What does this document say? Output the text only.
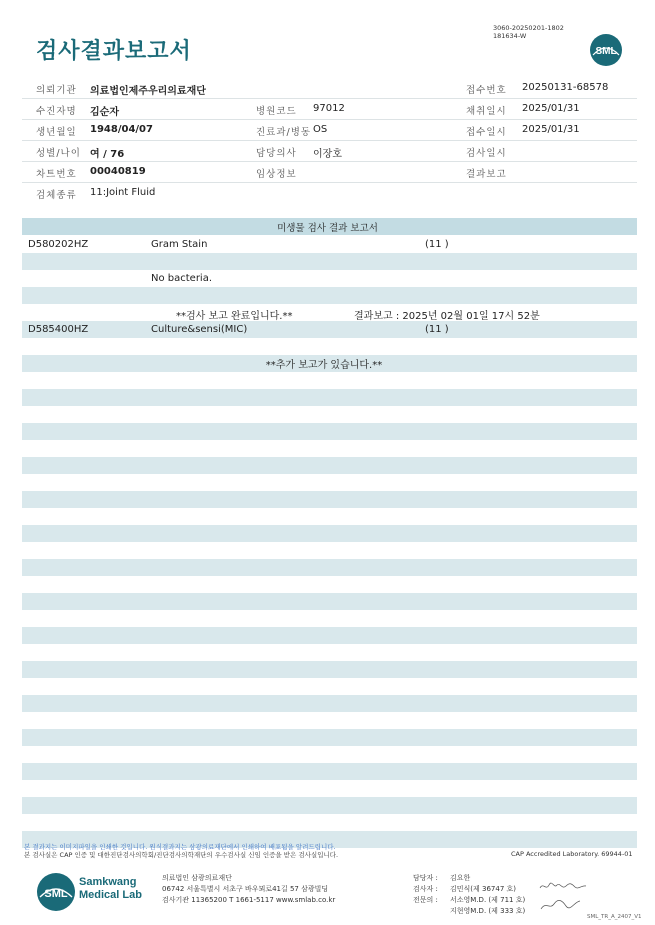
검사결과보고서
3060-20250201-1802
181634-W
SML
의뢰기관 의료법인제주우리의료재단	접수번호 20250131-68578
수진자명 김순자	병원코드 97012	채취일시 2025/01/31
생년월일 1948/04/07	진료과/병동 OS	접수일시 2025/01/31
성별/나이 여 / 76	담당의사 이장호	검사일시
차트번호 00040819	임상정보	결과보고
검체종류 11:Joint Fluid
미생물 검사 결과 보고서
D580202HZ	Gram Stain	(11 )
No bacteria.
**검사 보고 완료입니다.**	결과보고 : 2025년 02월 01일 17시 52분
D585400HZ	Culture&sensi(MIC)	(11 )
**추가 보고가 있습니다.**
본 결과지는 이미지파일을 인쇄한 것입니다. 원식결과지는 삼광의료재단에서 인쇄하여 배포됨을 알려드립니다.
본 검사실은 CAP 인증 및 대한진단검사의학회/진단검사의학재단의 우수검사실 신임 인증을 받은 검사실입니다.	CAP Accredited Laboratory. 69944-01
SML
Samkwang
Medical Lab
의료법인 삼광의료재단
06742 서울특별시 서초구 바우뫼로41길 57 삼광빌딩
검사기관 11365200 T 1661-5117 www.smlab.co.kr
담당자 : 김요한
검사자 : 김민식(제 36747 호)
전문의 : 서소영M.D. (제 711 호)
지현영M.D. (제 333 호)
SML_TR_A_2407_V1
